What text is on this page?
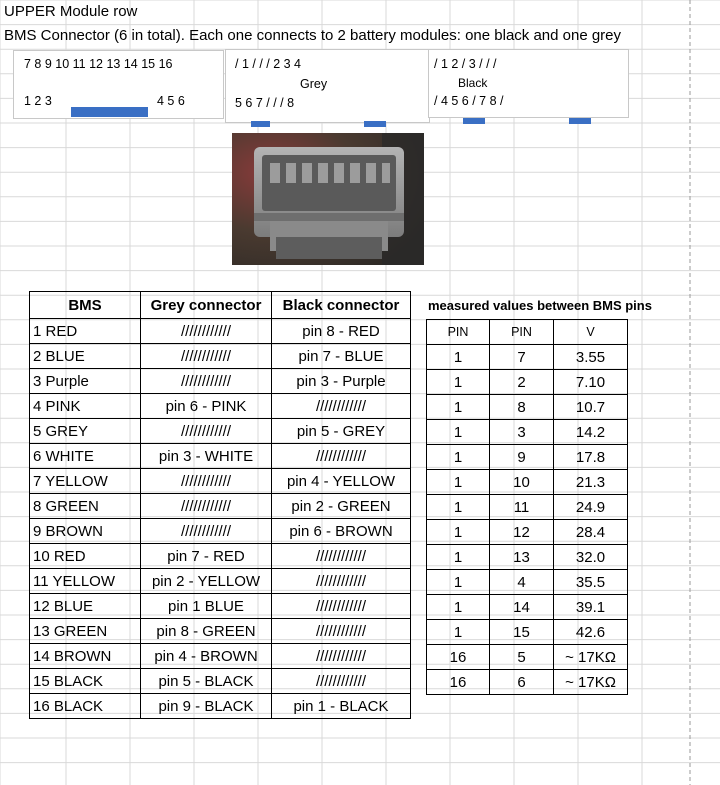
UPPER Module row
BMS Connector (6 in total). Each one connects to 2 battery modules: one black and one grey
7 8 9 10 11 12 13 14 15 16
1 2 3	4 5 6
/ 1 / / / 2 3 4
Grey
5 6 7 / / / 8
/ 1 2 / 3 / / /
Black
/ 4 5 6 / 7 8 /
BMS	Grey connector	Black connector
1 RED	////////////	pin 8 - RED
2 BLUE	////////////	pin 7 - BLUE
3 Purple	////////////	pin 3 - Purple
4 PINK	pin 6 - PINK	////////////
5 GREY	////////////	pin 5 - GREY
6 WHITE	pin 3 - WHITE	////////////
7 YELLOW	////////////	pin 4 - YELLOW
8 GREEN	////////////	pin 2 - GREEN
9 BROWN	////////////	pin 6 - BROWN
10 RED	pin 7 - RED	////////////
11 YELLOW	pin 2 - YELLOW	////////////
12 BLUE	pin 1 BLUE	////////////
13 GREEN	pin 8 - GREEN	////////////
14 BROWN	pin 4 - BROWN	////////////
15 BLACK	pin 5 - BLACK	////////////
16 BLACK	pin 9 - BLACK	pin 1 - BLACK
measured values between BMS pins
PIN	PIN	V
1	7	3.55
1	2	7.10
1	8	10.7
1	3	14.2
1	9	17.8
1	10	21.3
1	11	24.9
1	12	28.4
1	13	32.0
1	4	35.5
1	14	39.1
1	15	42.6
16	5	~ 17KΩ
16	6	~ 17KΩ
